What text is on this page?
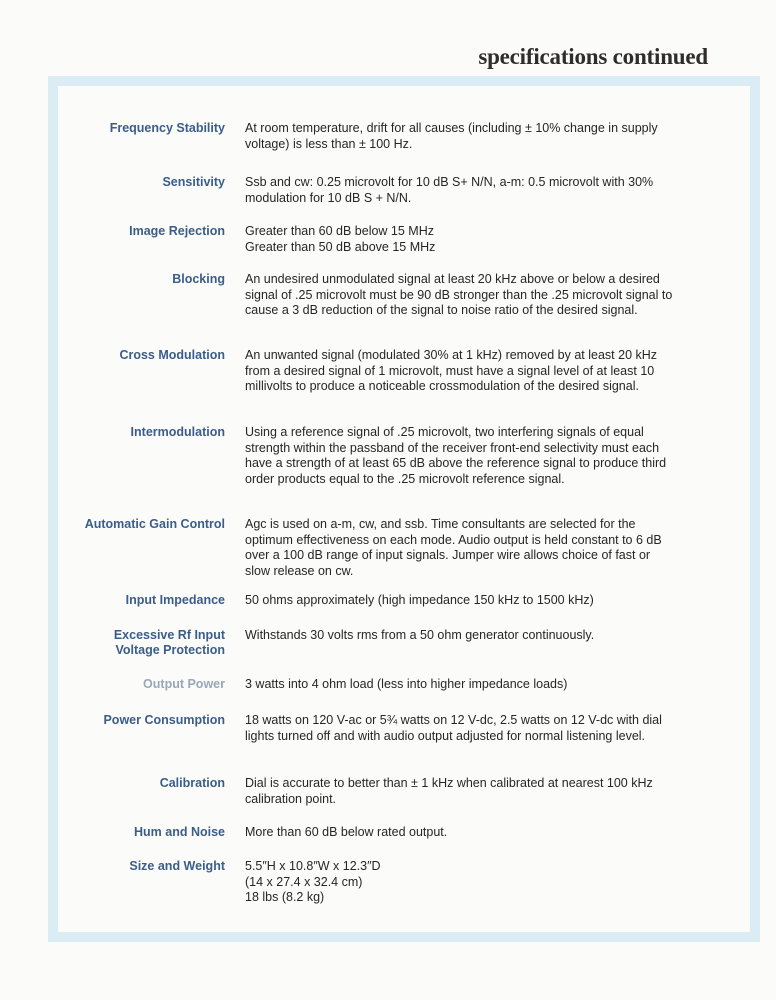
specifications continued
Frequency Stability At room temperature, drift for all causes (including ± 10% change in supply voltage) is less than ± 100 Hz.
Sensitivity Ssb and cw: 0.25 microvolt for 10 dB S+ N/N, a-m: 0.5 microvolt with 30% modulation for 10 dB S + N/N.
Image Rejection Greater than 60 dB below 15 MHz
Greater than 50 dB above 15 MHz
Blocking An undesired unmodulated signal at least 20 kHz above or below a desired signal of .25 microvolt must be 90 dB stronger than the .25 microvolt signal to cause a 3 dB reduction of the signal to noise ratio of the desired signal.
Cross Modulation An unwanted signal (modulated 30% at 1 kHz) removed by at least 20 kHz from a desired signal of 1 microvolt, must have a signal level of at least 10 millivolts to produce a noticeable crossmodulation of the desired signal.
Intermodulation Using a reference signal of .25 microvolt, two interfering signals of equal strength within the passband of the receiver front-end selectivity must each have a strength of at least 65 dB above the reference signal to produce third order products equal to the .25 microvolt reference signal.
Automatic Gain Control Agc is used on a-m, cw, and ssb. Time consultants are selected for the optimum effectiveness on each mode. Audio output is held constant to 6 dB over a 100 dB range of input signals. Jumper wire allows choice of fast or slow release on cw.
Input Impedance 50 ohms approximately (high impedance 150 kHz to 1500 kHz)
Excessive Rf Input
Voltage Protection
Withstands 30 volts rms from a 50 ohm generator continuously.
Output Power 3 watts into 4 ohm load (less into higher impedance loads)
Power Consumption 18 watts on 120 V-ac or 5¾ watts on 12 V-dc, 2.5 watts on 12 V-dc with dial lights turned off and with audio output adjusted for normal listening level.
Calibration Dial is accurate to better than ± 1 kHz when calibrated at nearest 100 kHz calibration point.
Hum and Noise More than 60 dB below rated output.
Size and Weight 5.5″H x 10.8″W x 12.3″D
(14 x 27.4 x 32.4 cm)
18 lbs (8.2 kg)
